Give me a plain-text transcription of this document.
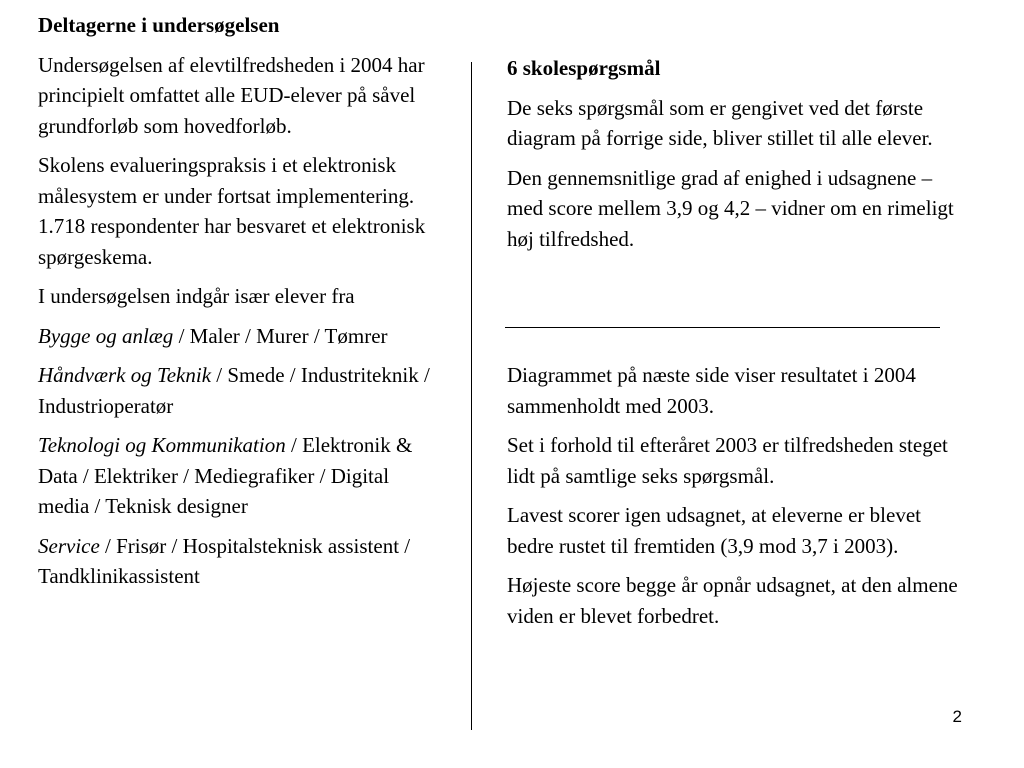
Deltagerne i undersøgelsen

Undersøgelsen af elevtilfredsheden i 2004 har principielt omfattet alle EUD-elever på såvel grundforløb som hovedforløb.

Skolens evalueringspraksis i et elektronisk målesystem er under fortsat implementering. 1.718 respondenter har besvaret et elektronisk spørgeskema.

I undersøgelsen indgår især elever fra

Bygge og anlæg / Maler / Murer / Tømrer

Håndværk og Teknik / Smede / Industriteknik / Industrioperatør

Teknologi og Kommunikation / Elektronik & Data / Elektriker / Mediegrafiker / Digital media / Teknisk designer

Service / Frisør / Hospitalsteknisk assistent / Tandklinikassistent

6 skolespørgsmål

De seks spørgsmål som er gengivet ved det første diagram på forrige side, bliver stillet til alle elever.

Den gennemsnitlige grad af enighed i udsagnene – med score mellem 3,9 og 4,2 – vidner om en rimeligt høj tilfredshed.

Diagrammet på næste side viser resultatet i 2004 sammenholdt med 2003.

Set i forhold til efteråret 2003 er tilfredsheden steget lidt på samtlige seks spørgsmål.

Lavest scorer igen udsagnet, at eleverne er blevet bedre rustet til fremtiden (3,9 mod 3,7 i 2003).

Højeste score begge år opnår udsagnet, at den almene viden er blevet forbedret.

2
